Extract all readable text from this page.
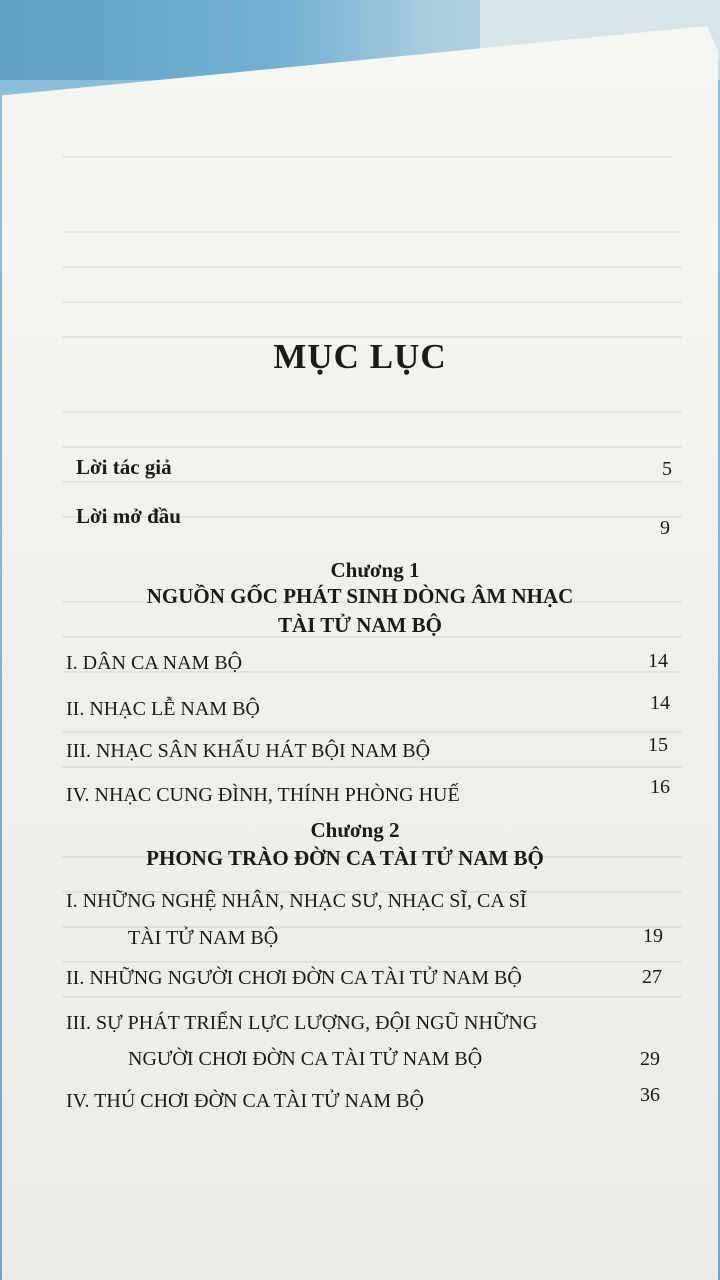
MỤC LỤC
Lời tác giả	5
Lời mở đầu	9
Chương 1
NGUỒN GỐC PHÁT SINH DÒNG ÂM NHẠC
TÀI TỬ NAM BỘ
I. DÂN CA NAM BỘ	14
II. NHẠC LỄ NAM BỘ	14
III. NHẠC SÂN KHẤU HÁT BỘI NAM BỘ	15
IV. NHẠC CUNG ĐÌNH, THÍNH PHÒNG HUẾ	16
Chương 2
PHONG TRÀO ĐỜN CA TÀI TỬ NAM BỘ
I. NHỮNG NGHỆ NHÂN, NHẠC SƯ, NHẠC SĨ, CA SĨ
TÀI TỬ NAM BỘ	19
II. NHỮNG NGƯỜI CHƠI ĐỜN CA TÀI TỬ NAM BỘ	27
III. SỰ PHÁT TRIỂN LỰC LƯỢNG, ĐỘI NGŨ NHỮNG
NGƯỜI CHƠI ĐỜN CA TÀI TỬ NAM BỘ	29
IV. THÚ CHƠI ĐỜN CA TÀI TỬ NAM BỘ	36
